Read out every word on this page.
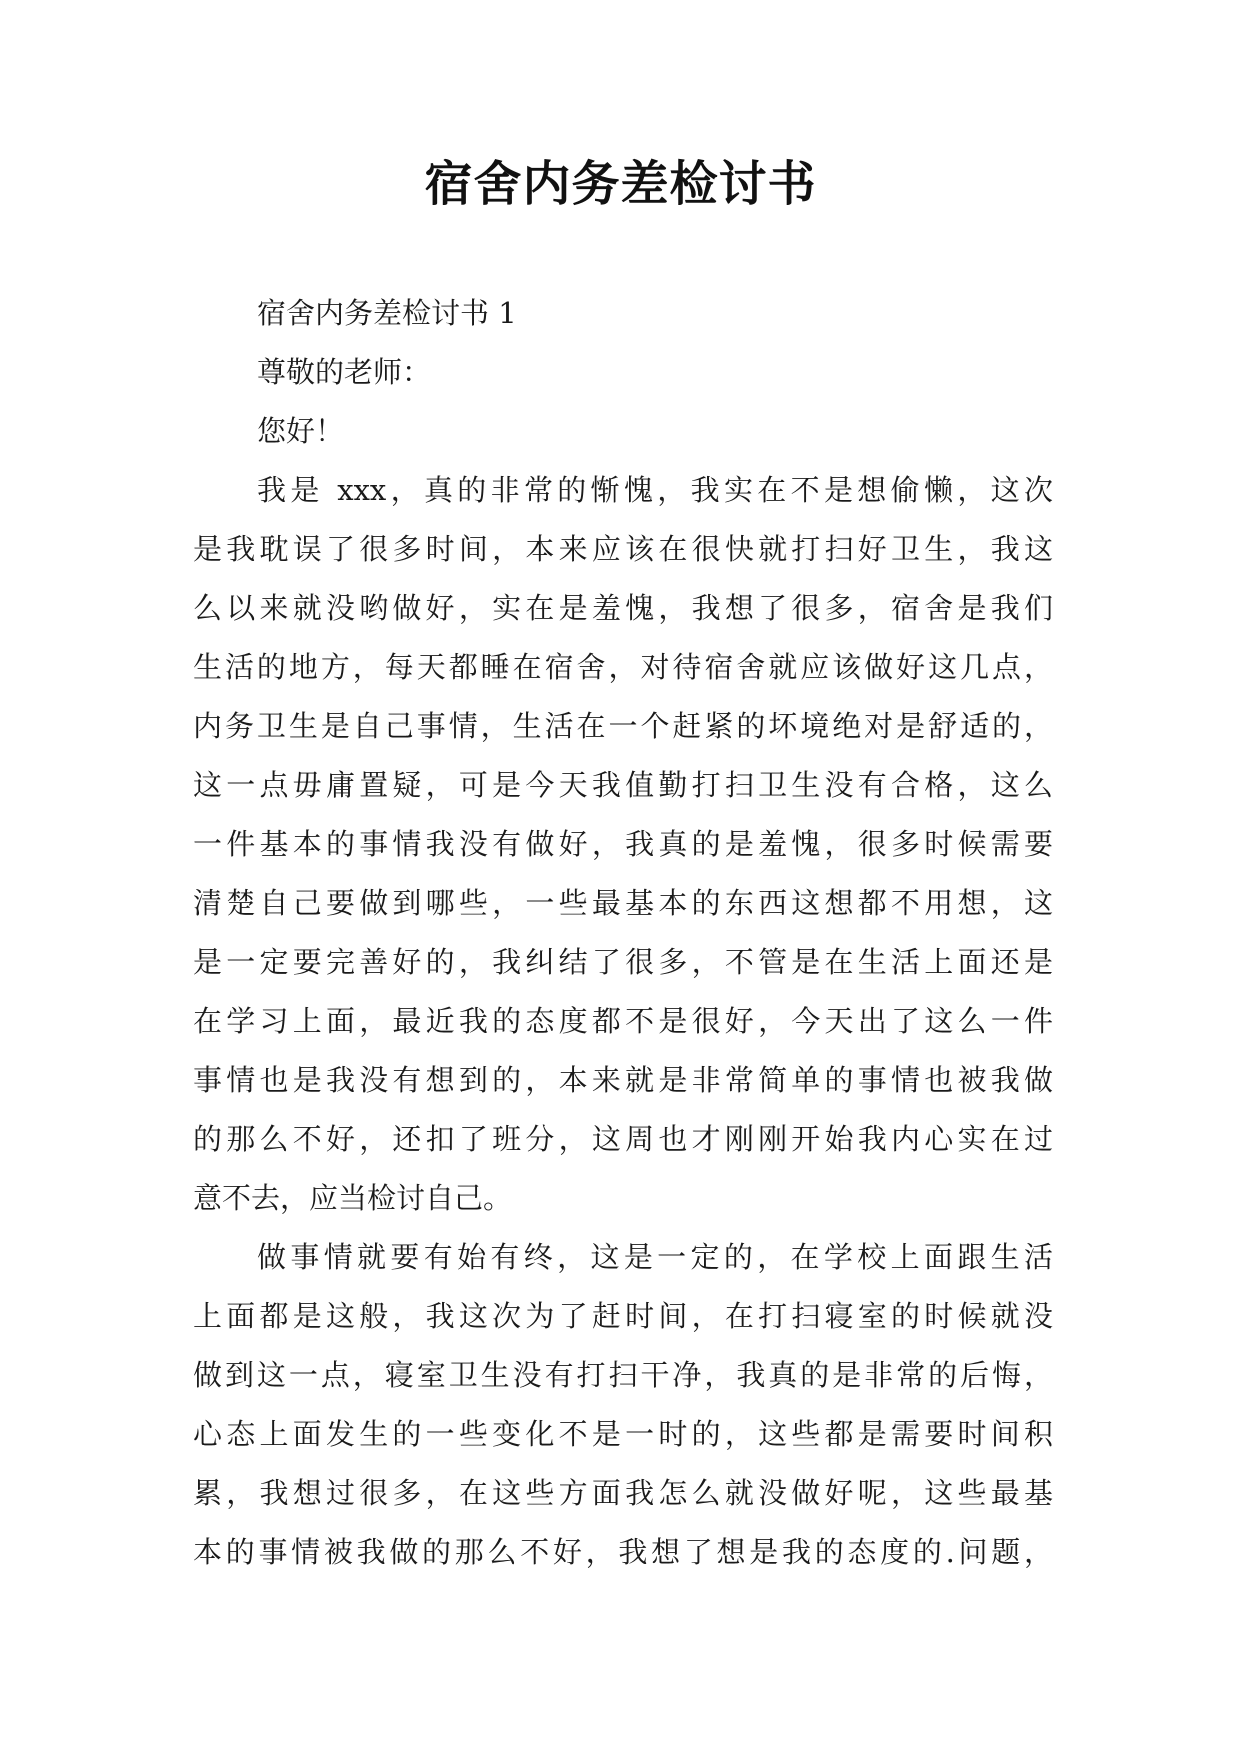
宿舍内务差检讨书
宿舍内务差检讨书 1
尊敬的老师：
您好！
我是 xxx，真的非常的惭愧，我实在不是想偷懒，这次
是我耽误了很多时间，本来应该在很快就打扫好卫生，我这
么以来就没哟做好，实在是羞愧，我想了很多，宿舍是我们
生活的地方，每天都睡在宿舍，对待宿舍就应该做好这几点，
内务卫生是自己事情，生活在一个赶紧的坏境绝对是舒适的，
这一点毋庸置疑，可是今天我值勤打扫卫生没有合格，这么
一件基本的事情我没有做好，我真的是羞愧，很多时候需要
清楚自己要做到哪些，一些最基本的东西这想都不用想，这
是一定要完善好的，我纠结了很多，不管是在生活上面还是
在学习上面，最近我的态度都不是很好，今天出了这么一件
事情也是我没有想到的，本来就是非常简单的事情也被我做
的那么不好，还扣了班分，这周也才刚刚开始我内心实在过
意不去，应当检讨自己。
做事情就要有始有终，这是一定的，在学校上面跟生活
上面都是这般，我这次为了赶时间，在打扫寝室的时候就没
做到这一点，寝室卫生没有打扫干净，我真的是非常的后悔，
心态上面发生的一些变化不是一时的，这些都是需要时间积
累，我想过很多，在这些方面我怎么就没做好呢，这些最基
本的事情被我做的那么不好，我想了想是我的态度的.问题，
